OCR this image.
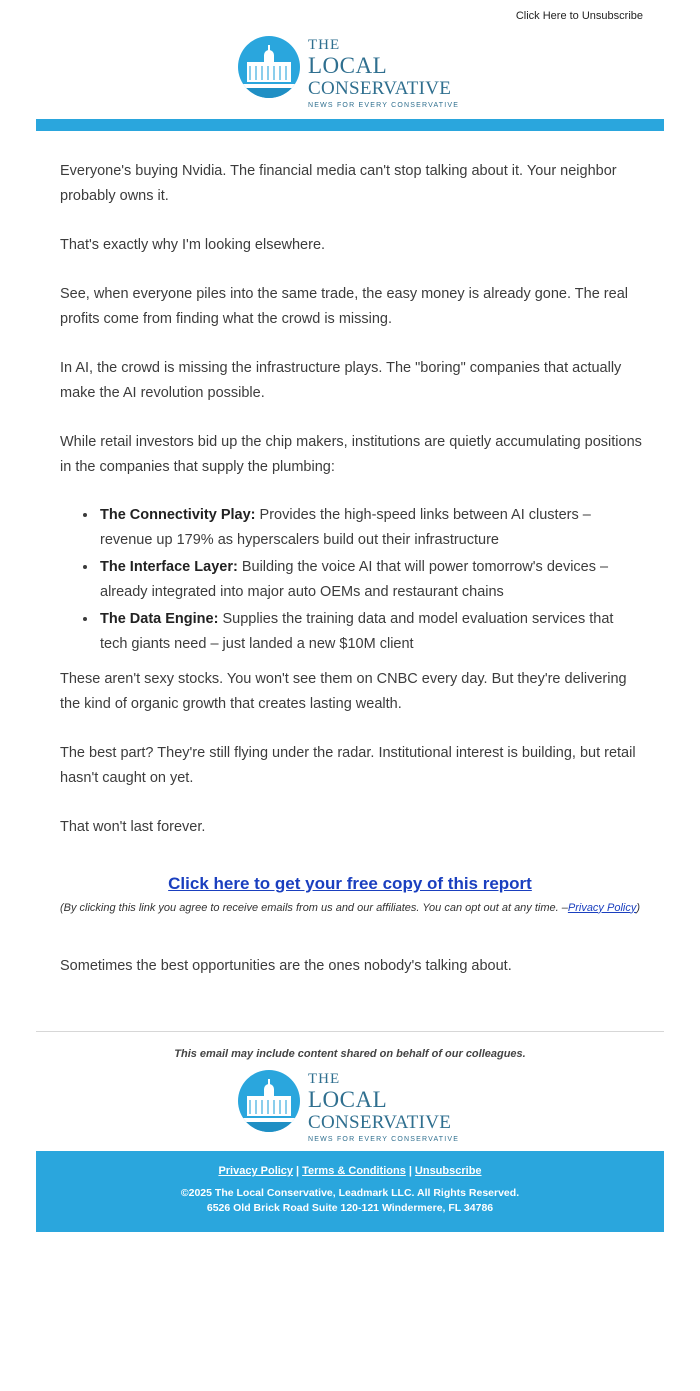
Click Here to Unsubscribe
THE
LOCAL
CONSERVATIVE
NEWS FOR EVERY CONSERVATIVE

Everyone's buying Nvidia. The financial media can't stop talking about it. Your neighbor probably owns it.

That's exactly why I'm looking elsewhere.

See, when everyone piles into the same trade, the easy money is already gone. The real profits come from finding what the crowd is missing.

In AI, the crowd is missing the infrastructure plays. The "boring" companies that actually make the AI revolution possible.

While retail investors bid up the chip makers, institutions are quietly accumulating positions in the companies that supply the plumbing:

• The Connectivity Play: Provides the high-speed links between AI clusters – revenue up 179% as hyperscalers build out their infrastructure
• The Interface Layer: Building the voice AI that will power tomorrow's devices – already integrated into major auto OEMs and restaurant chains
• The Data Engine: Supplies the training data and model evaluation services that tech giants need – just landed a new $10M client

These aren't sexy stocks. You won't see them on CNBC every day. But they're delivering the kind of organic growth that creates lasting wealth.

The best part? They're still flying under the radar. Institutional interest is building, but retail hasn't caught on yet.

That won't last forever.

Click here to get your free copy of this report
(By clicking this link you agree to receive emails from us and our affiliates. You can opt out at any time. –Privacy Policy)

Sometimes the best opportunities are the ones nobody's talking about.

This email may include content shared on behalf of our colleagues.
THE
LOCAL
CONSERVATIVE
NEWS FOR EVERY CONSERVATIVE
Privacy Policy | Terms & Conditions | Unsubscribe
©2025 The Local Conservative, Leadmark LLC. All Rights Reserved.
6526 Old Brick Road Suite 120-121 Windermere, FL 34786
